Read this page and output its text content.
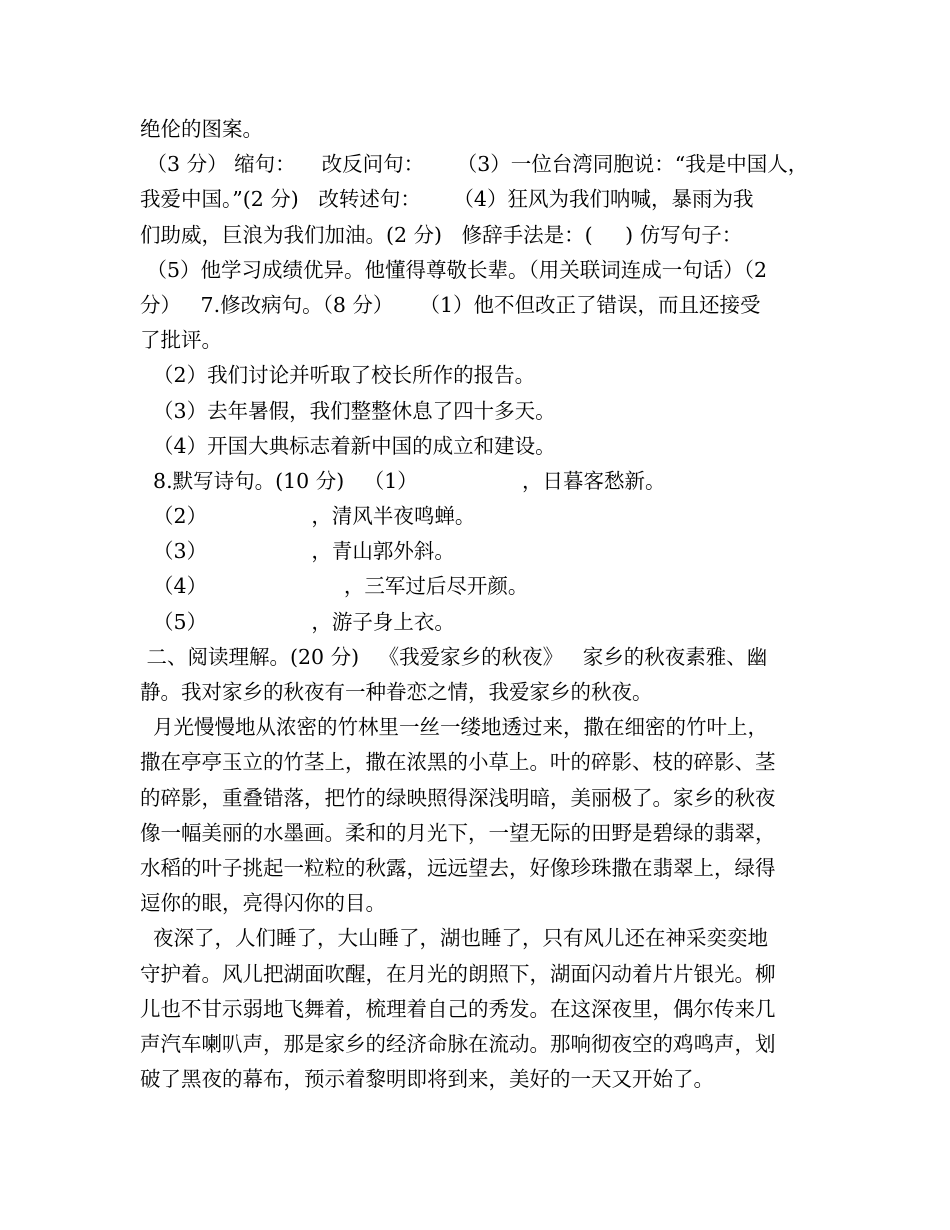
绝伦的图案。
（3 分） 缩句：    改反问句：     （3）一位台湾同胞说：“我是中国人，
我爱中国。”(2 分)   改转述句：     （4）狂风为我们呐喊，暴雨为我
们助威，巨浪为我们加油。(2 分)   修辞手法是：(     ) 仿写句子：
（5）他学习成绩优异。他懂得尊敬长辈。（用关联词连成一句话）（2
分）   7.修改病句。（8 分）    （1）他不但改正了错误，而且还接受
了批评。
（2）我们讨论并听取了校长所作的报告。
（3）去年暑假，我们整整休息了四十多天。
（4）开国大典标志着新中国的成立和建设。
8.默写诗句。(10 分)   （1）                ，日暮客愁新。
（2）                ，清风半夜鸣蝉。
（3）                ，青山郭外斜。
（4）                     ，三军过后尽开颜。
（5）                ，游子身上衣。
二、阅读理解。(20 分)   《我爱家乡的秋夜》   家乡的秋夜素雅、幽
静。我对家乡的秋夜有一种眷恋之情，我爱家乡的秋夜。
月光慢慢地从浓密的竹林里一丝一缕地透过来，撒在细密的竹叶上，
撒在亭亭玉立的竹茎上，撒在浓黑的小草上。叶的碎影、枝的碎影、茎
的碎影，重叠错落，把竹的绿映照得深浅明暗，美丽极了。家乡的秋夜
像一幅美丽的水墨画。柔和的月光下，一望无际的田野是碧绿的翡翠，
水稻的叶子挑起一粒粒的秋露，远远望去，好像珍珠撒在翡翠上，绿得
逗你的眼，亮得闪你的目。
夜深了，人们睡了，大山睡了，湖也睡了，只有风儿还在神采奕奕地
守护着。风儿把湖面吹醒，在月光的朗照下，湖面闪动着片片银光。柳
儿也不甘示弱地飞舞着，梳理着自己的秀发。在这深夜里，偶尔传来几
声汽车喇叭声，那是家乡的经济命脉在流动。那响彻夜空的鸡鸣声，划
破了黑夜的幕布，预示着黎明即将到来，美好的一天又开始了。
